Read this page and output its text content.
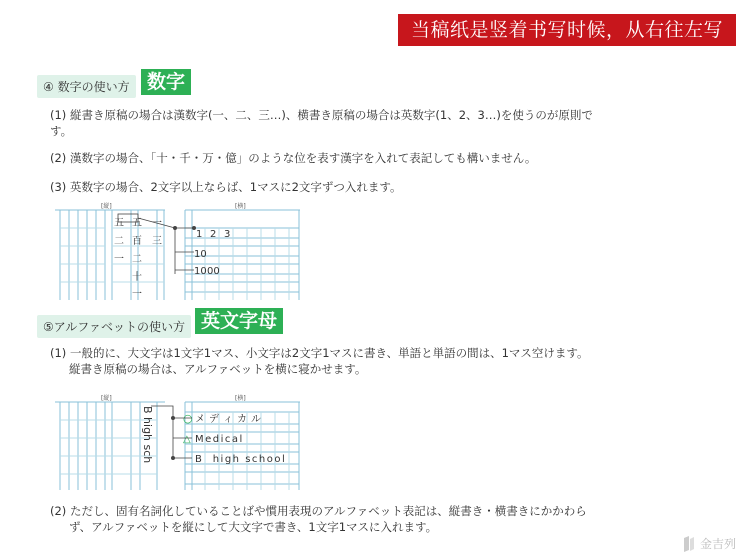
当稿纸是竖着书写时候，从右往左写
④ 数字の使い方 数字
(1) 縦書き原稿の場合は漢数字(一、二、三…)、横書き原稿の場合は英数字(1、2、3…)を使うのが原則で
す。
(2) 漢数字の場合、「十・千・万・億」のような位を表す漢字を入れて表記しても構いません。
(3) 英数字の場合、2文字以上ならば、1マスに2文字ずつ入れます。
[縦]	[横]
一
三
五
百
二
十
一
五
二
一
1 2 3
10
10 00
⑤アルファベットの使い方 英文字母
(1) 一般的に、大文字は1文字1マス、小文字は2文字1マスに書き、単語と単語の間は、1マス空けます。
縦書き原稿の場合は、アルファベットを横に寝かせます。
[縦]	[横]
B high sch	○
△
メ デ ィ カ ル
Medical
B  high school
(2) ただし、固有名詞化していることばや慣用表現のアルファベット表記は、縦書き・横書きにかかわら
ず、アルファベットを縦にして大文字で書き、1文字1マスに入れます。
金吉列
